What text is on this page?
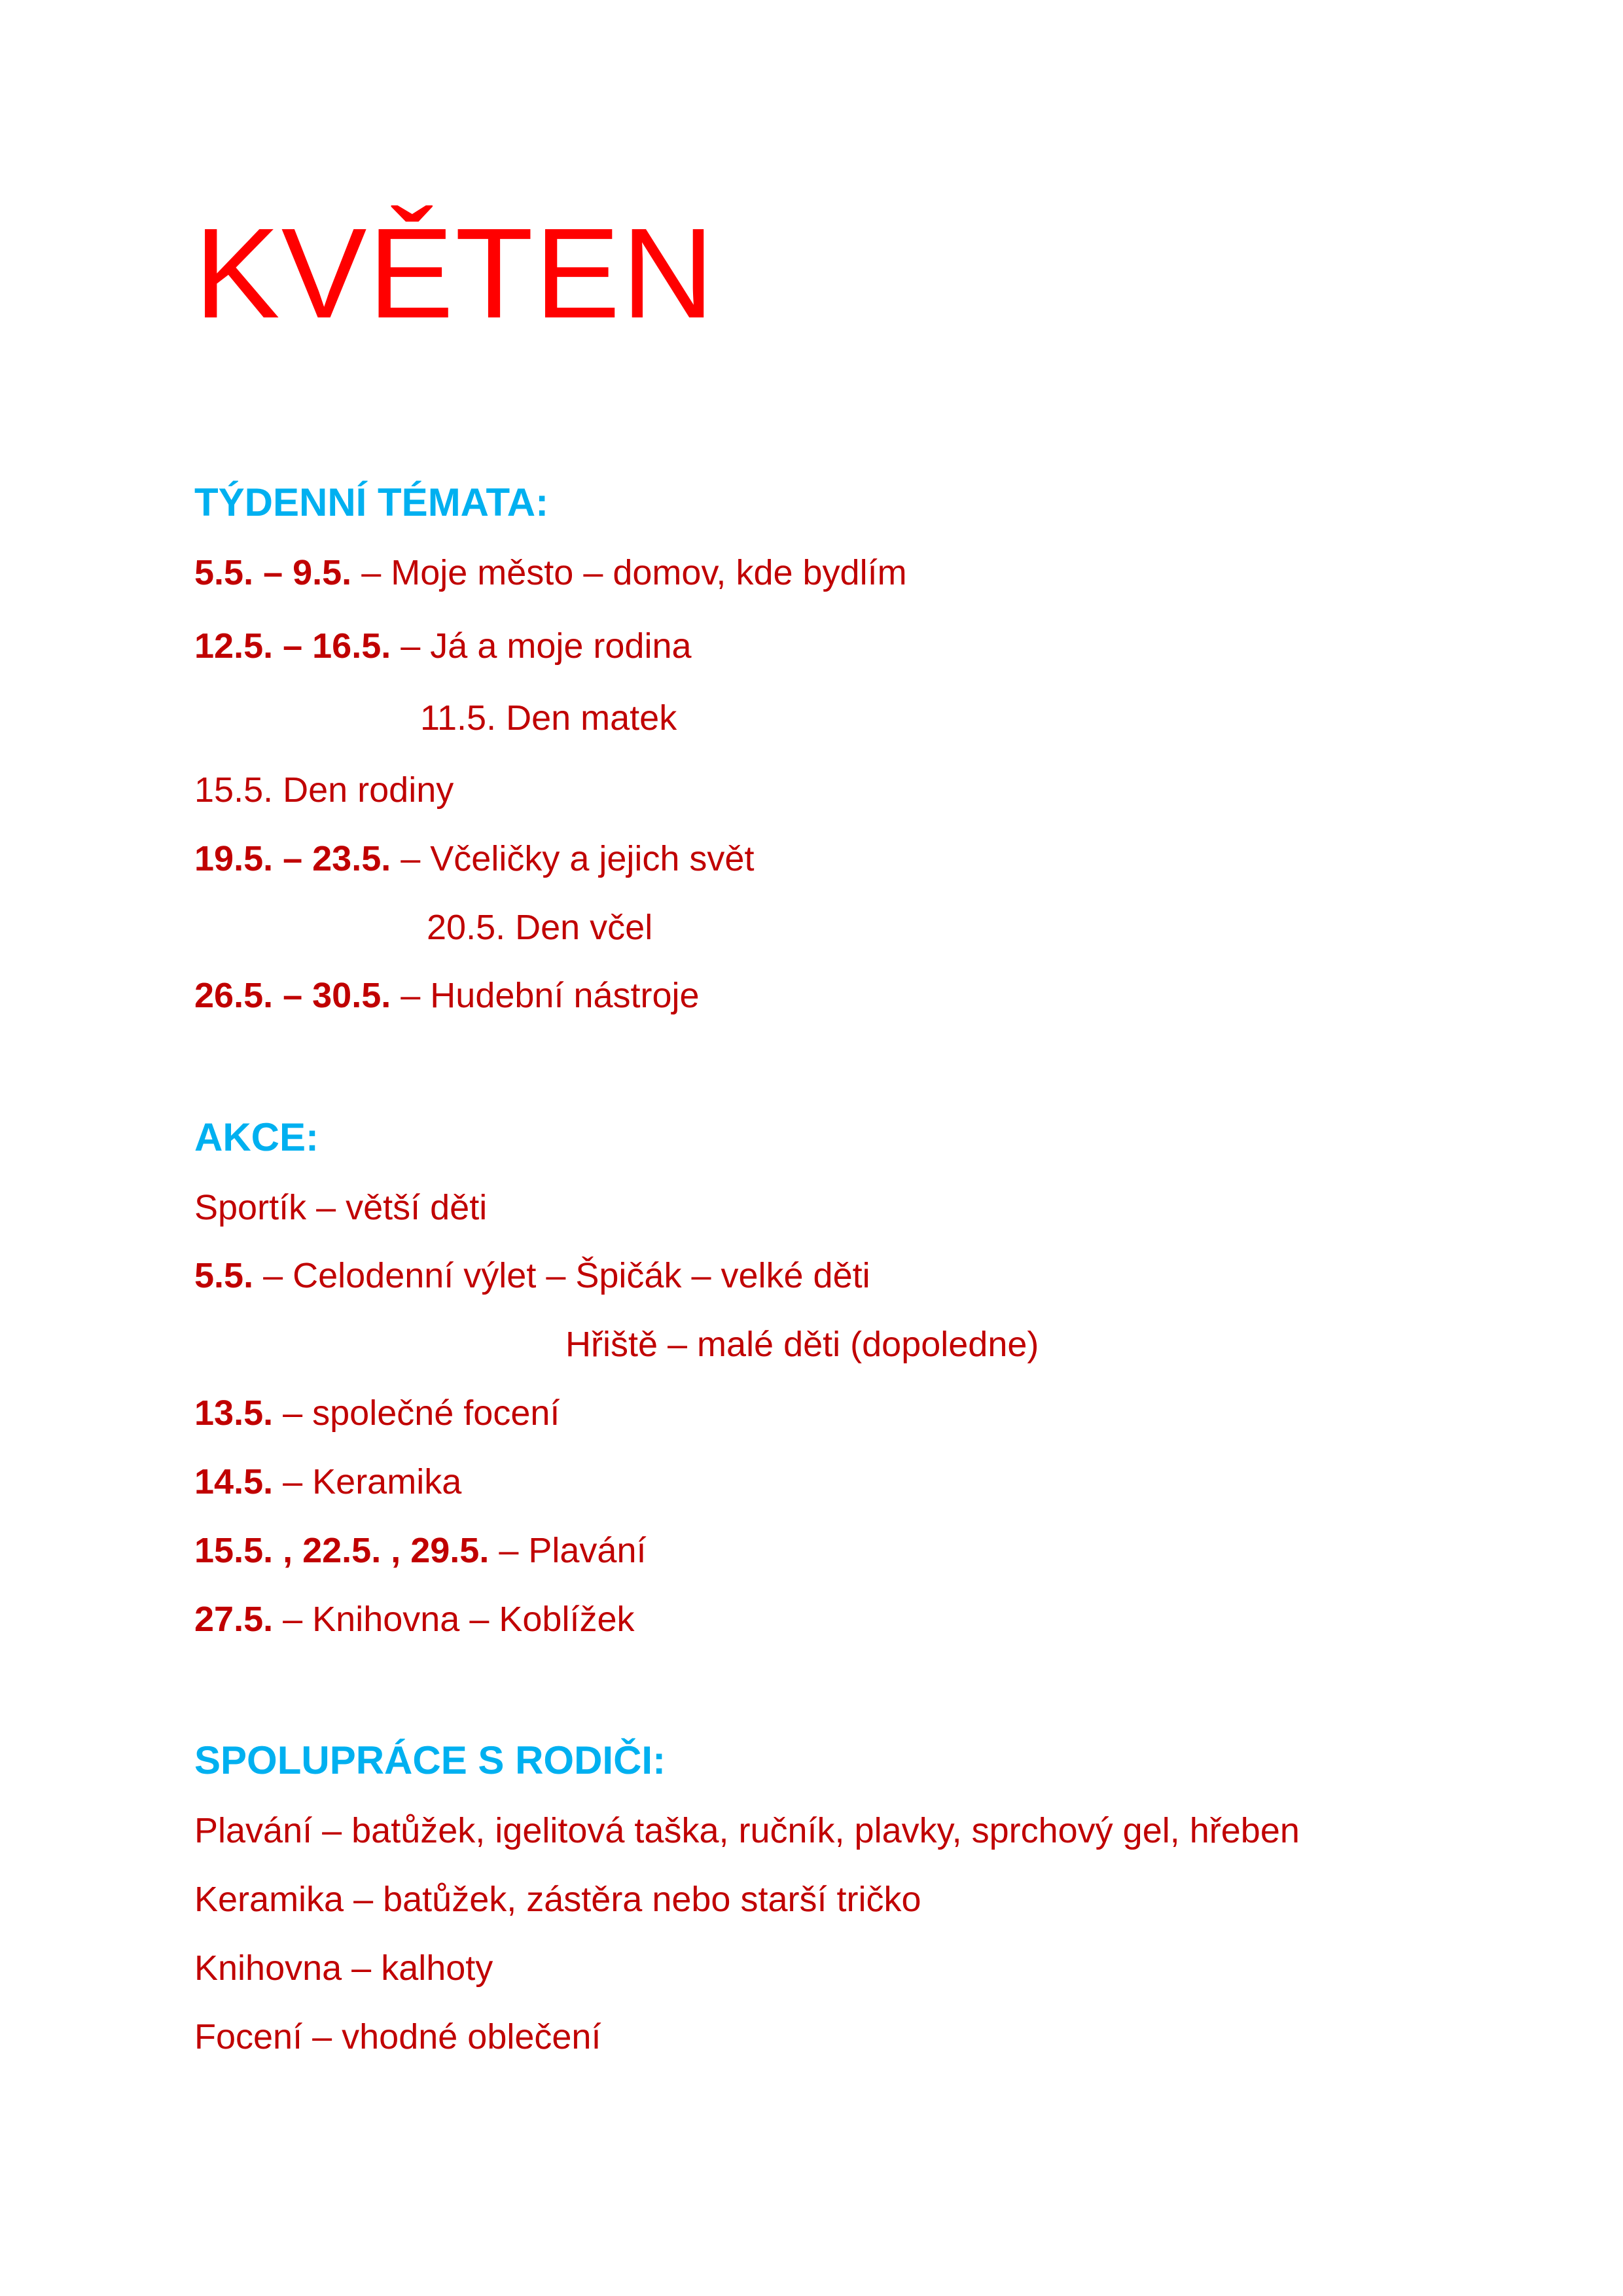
KVĚTEN
TÝDENNÍ TÉMATA:
5.5. – 9.5. – Moje město – domov, kde bydlím
12.5. – 16.5. – Já a moje rodina
11.5. Den matek
15.5. Den rodiny
19.5. – 23.5. – Včeličky a jejich svět
20.5. Den včel
26.5. – 30.5. – Hudební nástroje
AKCE:
Sportík – větší děti
5.5. – Celodenní výlet – Špičák – velké děti
Hřiště – malé děti (dopoledne)
13.5. – společné focení
14.5. – Keramika
15.5. , 22.5. , 29.5. – Plavání
27.5. – Knihovna – Koblížek
SPOLUPRÁCE S RODIČI:
Plavání – batůžek, igelitová taška, ručník, plavky, sprchový gel, hřeben
Keramika – batůžek, zástěra nebo starší tričko
Knihovna – kalhoty
Focení – vhodné oblečení
